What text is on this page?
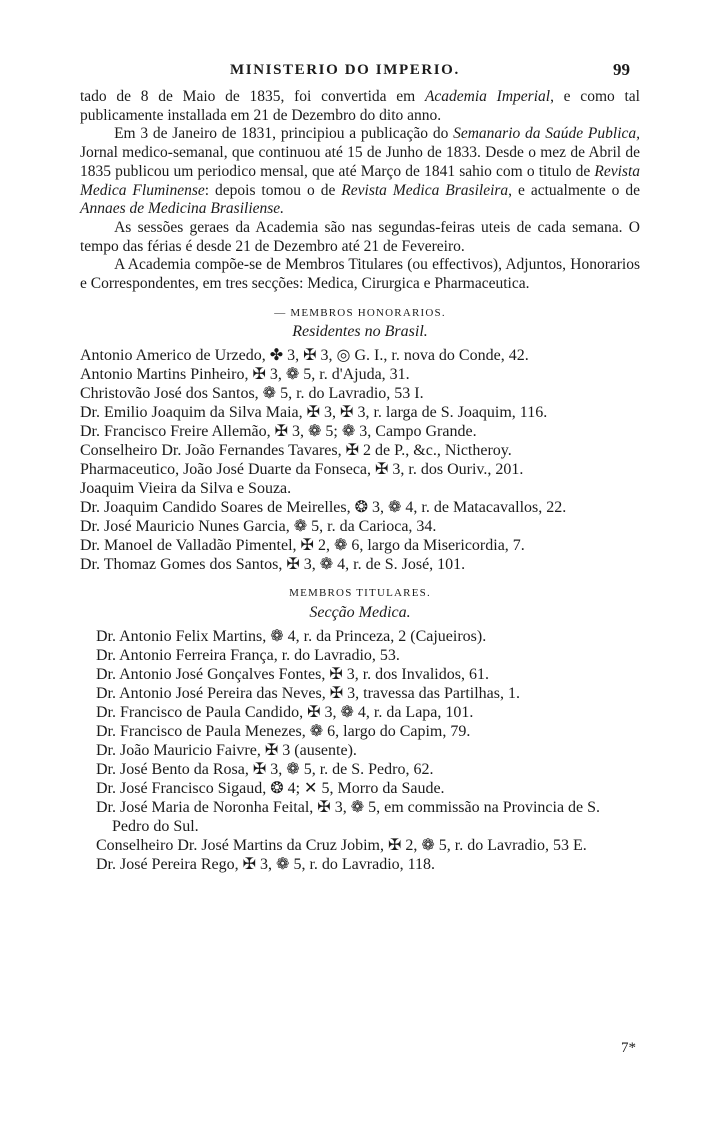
MINISTERIO DO IMPERIO.	99

tado de 8 de Maio de 1835, foi convertida em Academia Imperial, e como tal publicamente installada em 21 de Dezembro do dito anno.

Em 3 de Janeiro de 1831, principiou a publicação do Semanario da Saúde Publica, Jornal medico-semanal, que continuou até 15 de Junho de 1833. Desde o mez de Abril de 1835 publicou um periodico mensal, que até Março de 1841 sahio com o titulo de Revista Medica Fluminense: depois tomou o de Revista Medica Brasileira, e actualmente o de Annaes de Medicina Brasiliense.

As sessões geraes da Academia são nas segundas-feiras uteis de cada semana. O tempo das férias é desde 21 de Dezembro até 21 de Fevereiro.

A Academia compõe-se de Membros Titulares (ou effectivos), Adjuntos, Honorarios e Correspondentes, em tres secções: Medica, Cirurgica e Pharmaceutica.

— MEMBROS HONORARIOS.
Residentes no Brasil.
Antonio Americo de Urzedo, ✤ 3, ✠ 3, ◎ G. I., r. nova do Conde, 42.
Antonio Martins Pinheiro, ✠ 3, ❁ 5, r. d'Ajuda, 31.
Christovão José dos Santos, ❁ 5, r. do Lavradio, 53 I.
Dr. Emilio Joaquim da Silva Maia, ✠ 3, ✠ 3, r. larga de S. Joaquim, 116.
Dr. Francisco Freire Allemão, ✠ 3, ❁ 5; ❁ 3, Campo Grande.
Conselheiro Dr. João Fernandes Tavares, ✠ 2 de P., &c., Nictheroy.
Pharmaceutico, João José Duarte da Fonseca, ✠ 3, r. dos Ouriv., 201.
Joaquim Vieira da Silva e Souza.
Dr. Joaquim Candido Soares de Meirelles, ❂ 3, ❁ 4, r. de Matacavallos, 22.
Dr. José Mauricio Nunes Garcia, ❁ 5, r. da Carioca, 34.
Dr. Manoel de Valladão Pimentel, ✠ 2, ❁ 6, largo da Misericordia, 7.
Dr. Thomaz Gomes dos Santos, ✠ 3, ❁ 4, r. de S. José, 101.
MEMBROS TITULARES.
Secção Medica.
Dr. Antonio Felix Martins, ❁ 4, r. da Princeza, 2 (Cajueiros).
Dr. Antonio Ferreira França, r. do Lavradio, 53.
Dr. Antonio José Gonçalves Fontes, ✠ 3, r. dos Invalidos, 61.
Dr. Antonio José Pereira das Neves, ✠ 3, travessa das Partilhas, 1.
Dr. Francisco de Paula Candido, ✠ 3, ❁ 4, r. da Lapa, 101.
Dr. Francisco de Paula Menezes, ❁ 6, largo do Capim, 79.
Dr. João Mauricio Faivre, ✠ 3 (ausente).
Dr. José Bento da Rosa, ✠ 3, ❁ 5, r. de S. Pedro, 62.
Dr. José Francisco Sigaud, ❂ 4; ✕ 5, Morro da Saude.
Dr. José Maria de Noronha Feital, ✠ 3, ❁ 5, em commissão na Provincia de S. Pedro do Sul.
Conselheiro Dr. José Martins da Cruz Jobim, ✠ 2, ❁ 5, r. do Lavradio, 53 E.
Dr. José Pereira Rego, ✠ 3, ❁ 5, r. do Lavradio, 118.
7*
